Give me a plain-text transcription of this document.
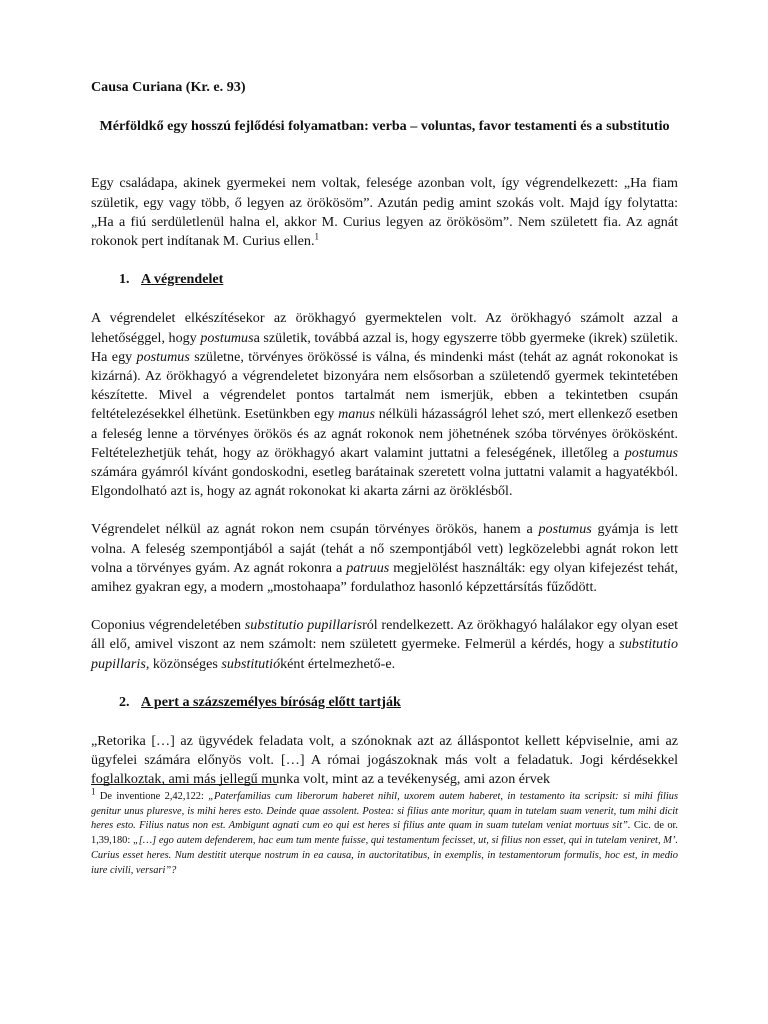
Causa Curiana (Kr. e. 93)

Mérföldkő egy hosszú fejlődési folyamatban: verba – voluntas, favor testamenti és a substitutio

Egy családapa, akinek gyermekei nem voltak, felesége azonban volt, így végrendelkezett: „Ha fiam születik, egy vagy több, ő legyen az örökösöm”. Azután pedig amint szokás volt. Majd így folytatta: „Ha a fiú serdületlenül halna el, akkor M. Curius legyen az örökösöm”. Nem született fia. Az agnát rokonok pert indítanak M. Curius ellen.$^1$

1. A végrendelet

A végrendelet elkészítésekor az örökhagyó gyermektelen volt. Az örökhagyó számolt azzal a lehetőséggel, hogy postumusa születik, továbbá azzal is, hogy egyszerre több gyermeke (ikrek) születik. Ha egy postumus születne, törvényes örökössé is válna, és mindenki mást (tehát az agnát rokonokat is kizárná). Az örökhagyó a végrendeletet bizonyára nem elsősorban a születendő gyermek tekintetében készítette. Mivel a végrendelet pontos tartalmát nem ismerjük, ebben a tekintetben csupán feltételezésekkel élhetünk. Esetünkben egy manus nélküli házasságról lehet szó, mert ellenkező esetben a feleség lenne a törvényes örökös és az agnát rokonok nem jöhetnének szóba törvényes örökösként. Feltételezhetjük tehát, hogy az örökhagyó akart valamint juttatni a feleségének, illetőleg a postumus számára gyámról kívánt gondoskodni, esetleg barátainak szeretett volna juttatni valamit a hagyatékból. Elgondolható azt is, hogy az agnát rokonokat ki akarta zárni az öröklésből.

Végrendelet nélkül az agnát rokon nem csupán törvényes örökös, hanem a postumus gyámja is lett volna. A feleség szempontjából a saját (tehát a nő szempontjából vett) legközelebbi agnát rokon lett volna a törvényes gyám. Az agnát rokonra a patruus megjelölést használták: egy olyan kifejezést tehát, amihez gyakran egy, a modern „mostohaapa” fordulathoz hasonló képzettársítás fűződött.

Coponius végrendeletében substitutio pupillarisról rendelkezett. Az örökhagyó halálakor egy olyan eset áll elő, amivel viszont az nem számolt: nem született gyermeke. Felmerül a kérdés, hogy a substitutio pupillaris, közönséges substitutióként értelmezhető-e.

2. A pert a százszemélyes bíróság előtt tartják

„Retorika […] az ügyvédek feladata volt, a szónoknak azt az álláspontot kellett képviselnie, ami az ügyfelei számára előnyös volt. […] A római jogászoknak más volt a feladatuk. Jogi kérdésekkel foglalkoztak, ami más jellegű munka volt, mint az a tevékenység, ami azon érvek

$^1$ De inventione 2,42,122: „Paterfamilias cum liberorum haberet nihil, uxorem autem haberet, in testamento ita scripsit: si mihi filius genitur unus pluresve, is mihi heres esto. Deinde quae assolent. Postea: si filius ante moritur, quam in tutelam suam venerit, tum mihi dicit heres esto. Filius natus non est. Ambigunt agnati cum eo qui est heres si filius ante quam in suam tutelam veniat mortuus sit”. Cic. de or. 1,39,180: „[…] ego autem defenderem, hac eum tum mente fuisse, qui testamentum fecisset, ut, si filius non esset, qui in tutelam veniret, M’. Curius esset heres. Num destitit uterque nostrum in ea causa, in auctoritatibus, in exemplis, in testamentorum formulis, hoc est, in medio iure civili, versari”?
